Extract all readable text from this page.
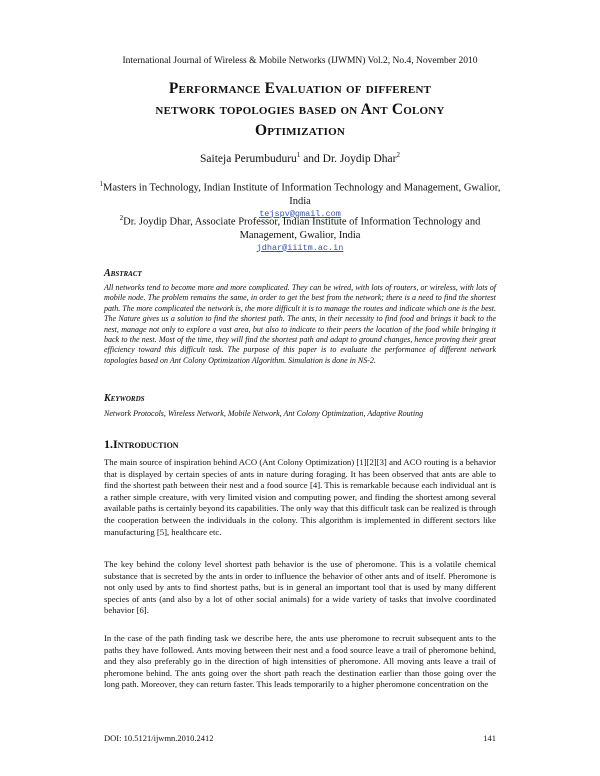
International Journal of Wireless & Mobile Networks (IJWMN) Vol.2, No.4, November 2010
Performance Evaluation of different
network topologies based on Ant Colony
Optimization
Saiteja Perumbuduru$^1$ and Dr. Joydip Dhar$^2$
$^1$Masters in Technology, Indian Institute of Information Technology and Management, Gwalior, India
tejspv@gmail.com
$^2$Dr. Joydip Dhar, Associate Professor, Indian Institute of Information Technology and Management, Gwalior, India
jdhar@iiitm.ac.in
Abstract
All networks tend to become more and more complicated. They can be wired, with lots of routers, or wireless, with lots of mobile node. The problem remains the same, in order to get the best from the network; there is a need to find the shortest path. The more complicated the network is, the more difficult it is to manage the routes and indicate which one is the best. The Nature gives us a solution to find the shortest path. The ants, in their necessity to find food and brings it back to the nest, manage not only to explore a vast area, but also to indicate to their peers the location of the food while bringing it back to the nest. Most of the time, they will find the shortest path and adapt to ground changes, hence proving their great efficiency toward this difficult task. The purpose of this paper is to evaluate the performance of different network topologies based on Ant Colony Optimization Algorithm. Simulation is done in NS-2.
Keywords
Network Protocols, Wireless Network, Mobile Network, Ant Colony Optimization, Adaptive Routing
1.Introduction

The main source of inspiration behind ACO (Ant Colony Optimization) [1][2][3] and ACO routing is a behavior that is displayed by certain species of ants in nature during foraging. It has been observed that ants are able to find the shortest path between their nest and a food source [4]. This is remarkable because each individual ant is a rather simple creature, with very limited vision and computing power, and finding the shortest among several available paths is certainly beyond its capabilities. The only way that this difficult task can be realized is through the cooperation between the individuals in the colony. This algorithm is implemented in different sectors like manufacturing [5], healthcare etc.

The key behind the colony level shortest path behavior is the use of pheromone. This is a volatile chemical substance that is secreted by the ants in order to influence the behavior of other ants and of itself. Pheromone is not only used by ants to find shortest paths, but is in general an important tool that is used by many different species of ants (and also by a lot of other social animals) for a wide variety of tasks that involve coordinated behavior [6].

In the case of the path finding task we describe here, the ants use pheromone to recruit subsequent ants to the paths they have followed. Ants moving between their nest and a food source leave a trail of pheromone behind, and they also preferably go in the direction of high intensities of pheromone. All moving ants leave a trail of pheromone behind. The ants going over the short path reach the destination earlier than those going over the long path. Moreover, they can return faster. This leads temporarily to a higher pheromone concentration on the

DOI: 10.5121/ijwmn.2010.2412	141
